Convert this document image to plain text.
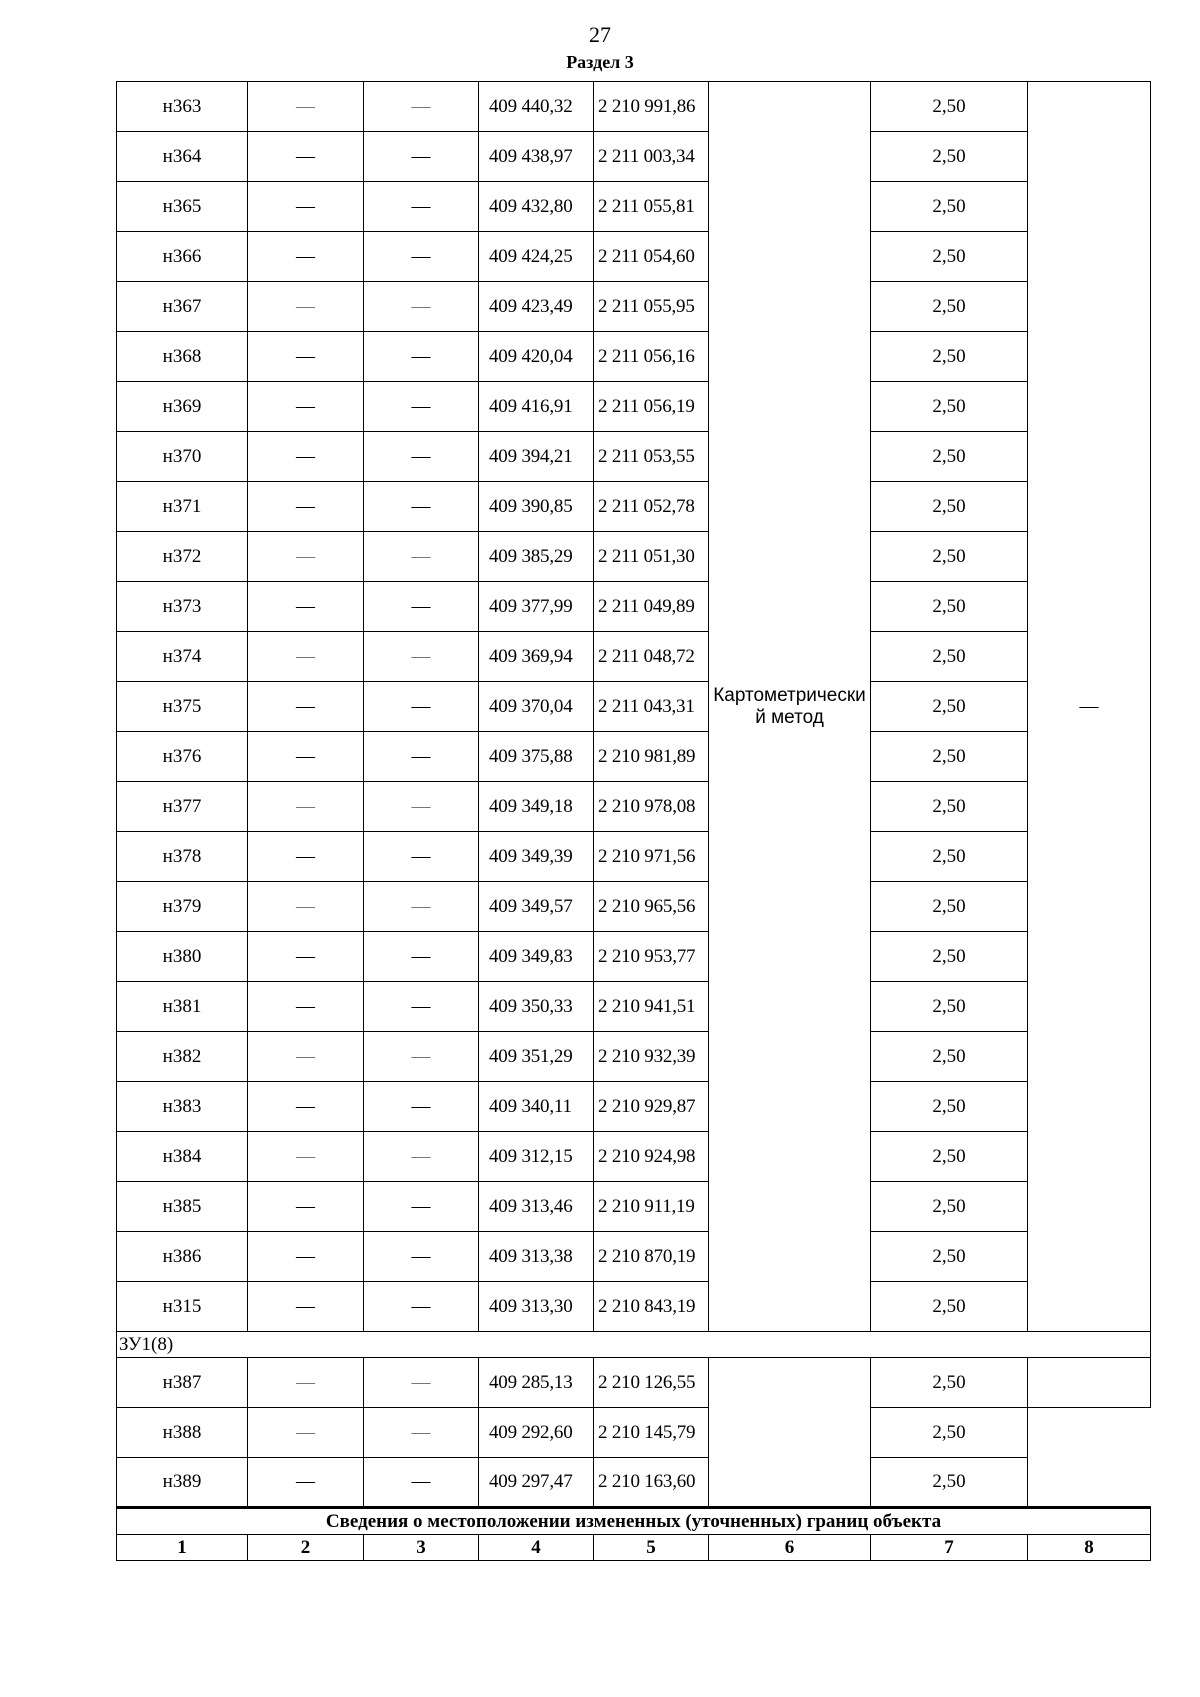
27
Раздел 3
н363	—	—	409 440,32	2 210 991,86	Картометрически й метод	2,50	—
н364	—	—	409 438,97	2 211 003,34		2,50	
н365	—	—	409 432,80	2 211 055,81		2,50	
н366	—	—	409 424,25	2 211 054,60		2,50	
н367	—	—	409 423,49	2 211 055,95		2,50	
н368	—	—	409 420,04	2 211 056,16		2,50	
н369	—	—	409 416,91	2 211 056,19		2,50	
н370	—	—	409 394,21	2 211 053,55		2,50	
н371	—	—	409 390,85	2 211 052,78		2,50	
н372	—	—	409 385,29	2 211 051,30		2,50	
н373	—	—	409 377,99	2 211 049,89		2,50	
н374	—	—	409 369,94	2 211 048,72		2,50	
н375	—	—	409 370,04	2 211 043,31		2,50	
н376	—	—	409 375,88	2 210 981,89		2,50	
н377	—	—	409 349,18	2 210 978,08		2,50	
н378	—	—	409 349,39	2 210 971,56		2,50	
н379	—	—	409 349,57	2 210 965,56		2,50	
н380	—	—	409 349,83	2 210 953,77		2,50	
н381	—	—	409 350,33	2 210 941,51		2,50	
н382	—	—	409 351,29	2 210 932,39		2,50	
н383	—	—	409 340,11	2 210 929,87		2,50	
н384	—	—	409 312,15	2 210 924,98		2,50	
н385	—	—	409 313,46	2 210 911,19		2,50	
н386	—	—	409 313,38	2 210 870,19		2,50	
н315	—	—	409 313,30	2 210 843,19		2,50	
ЗУ1(8)							
н387	—	—	409 285,13	2 210 126,55		2,50	
н388	—	—	409 292,60	2 210 145,79		2,50	
н389	—	—	409 297,47	2 210 163,60		2,50	
Сведения о местоположении измененных (уточненных) границ объекта							
1	2	3	4	5	6	7	8
